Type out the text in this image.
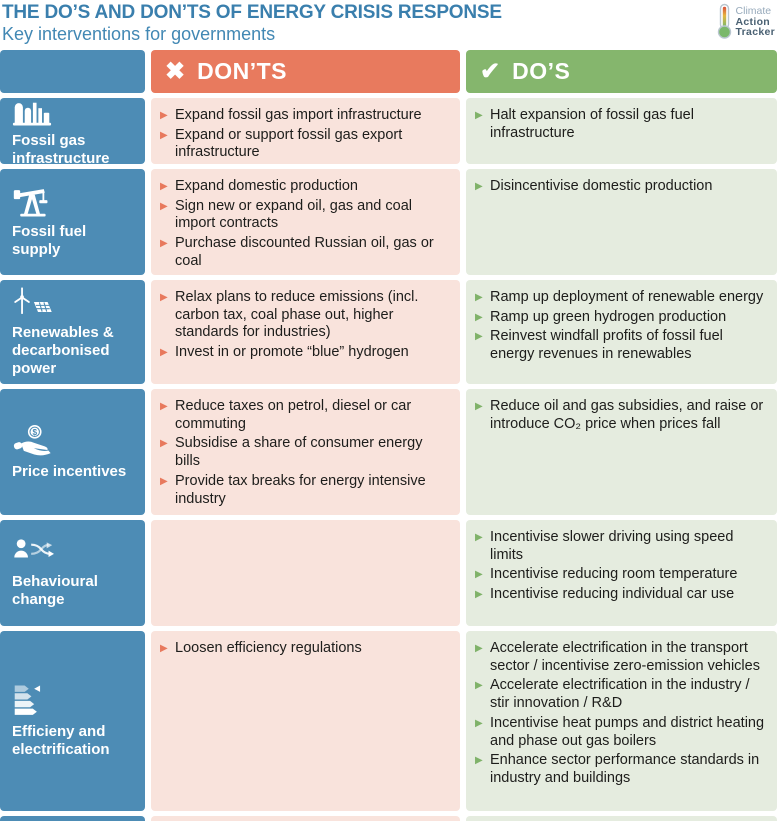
THE DO’S AND DON’TS OF ENERGY CRISIS RESPONSE
Key interventions for governments
Climate
Action
Tracker
✖ DON’TS	✔ DO’S
Fossil gas infrastructure
▶ Expand fossil gas import infrastructure
▶ Expand or support fossil gas export infrastructure
▶ Halt expansion of fossil gas fuel infrastructure
Fossil fuel supply
▶ Expand domestic production
▶ Sign new or expand oil, gas and coal import contracts
▶ Purchase discounted Russian oil, gas or coal
▶ Disincentivise domestic production
Renewables & decarbonised power
▶ Relax plans to reduce emissions (incl. carbon tax, coal phase out, higher standards for industries)
▶ Invest in or promote “blue” hydrogen
▶ Ramp up deployment of renewable energy
▶ Ramp up green hydrogen production
▶ Reinvest windfall profits of fossil fuel energy revenues in renewables
$
Price incentives
▶ Reduce taxes on petrol, diesel or car commuting
▶ Subsidise a share of consumer energy bills
▶ Provide tax breaks for energy intensive industry
▶ Reduce oil and gas subsidies, and raise or introduce CO₂ price when prices fall
Behavioural change
▶ Incentivise slower driving using speed limits
▶ Incentivise reducing room temperature
▶ Incentivise reducing individual car use
Efficieny and electrification
▶ Loosen efficiency regulations	▶ Accelerate electrification in the transport sector / incentivise zero-emission vehicles
▶ Accelerate electrification in the industry / stir innovation / R&D
▶ Incentivise heat pumps and district heating and phase out gas boilers
▶ Enhance sector performance standards in industry and buildings
